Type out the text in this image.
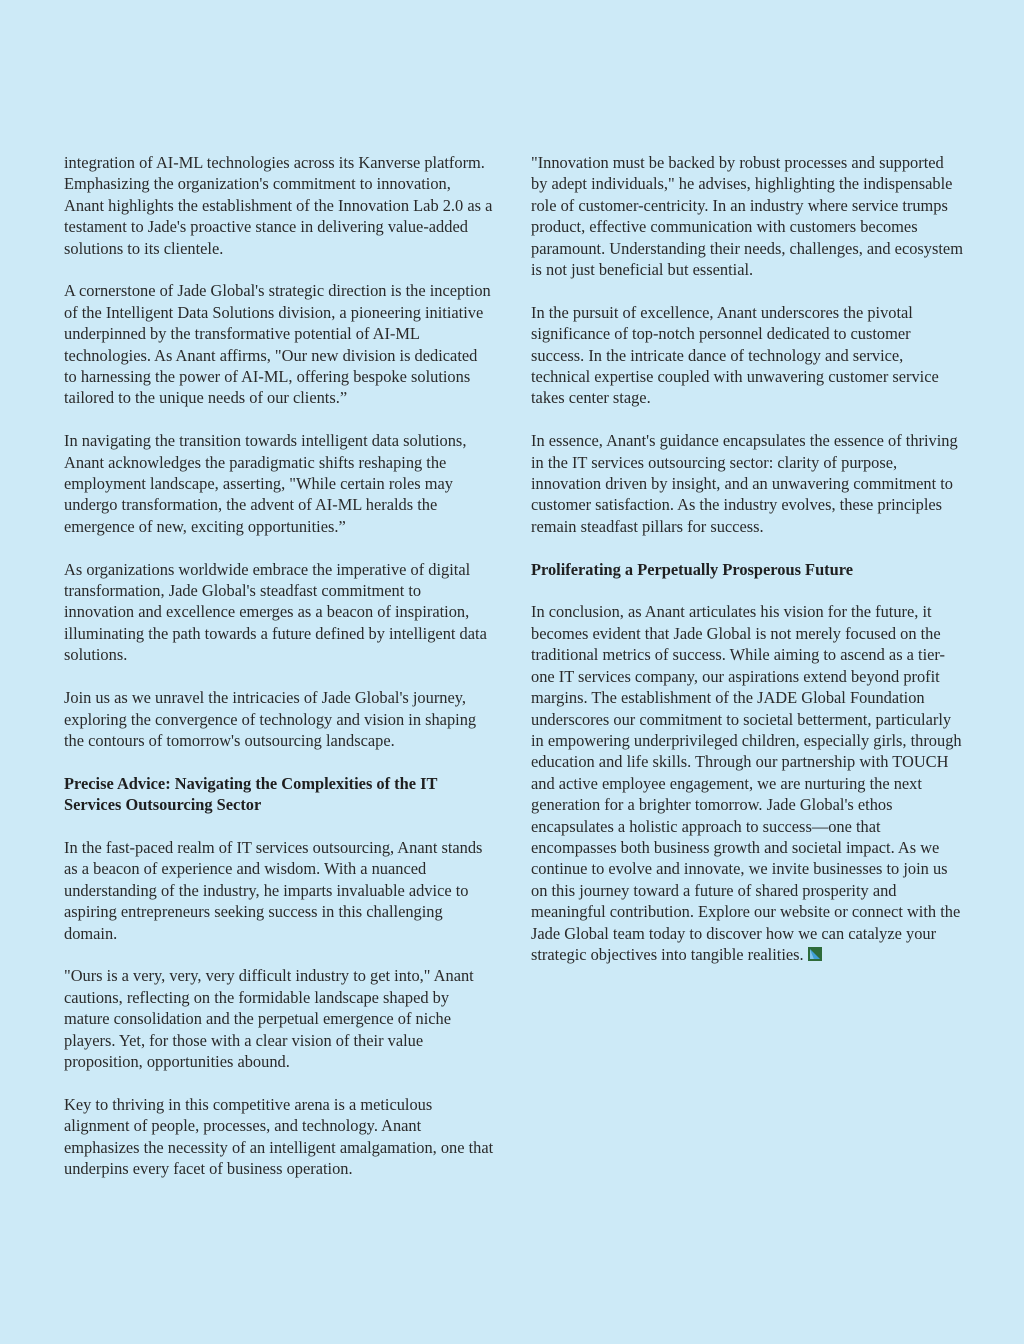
integration of AI-ML technologies across its Kanverse platform. Emphasizing the organization's commitment to innovation, Anant highlights the establishment of the Innovation Lab 2.0 as a testament to Jade's proactive stance in delivering value-added solutions to its clientele.

A cornerstone of Jade Global's strategic direction is the inception of the Intelligent Data Solutions division, a pioneering initiative underpinned by the transformative potential of AI-ML technologies. As Anant affirms, "Our new division is dedicated to harnessing the power of AI-ML, offering bespoke solutions tailored to the unique needs of our clients.”

In navigating the transition towards intelligent data solutions, Anant acknowledges the paradigmatic shifts reshaping the employment landscape, asserting, "While certain roles may undergo transformation, the advent of AI-ML heralds the emergence of new, exciting opportunities.”

As organizations worldwide embrace the imperative of digital transformation, Jade Global's steadfast commitment to innovation and excellence emerges as a beacon of inspiration, illuminating the path towards a future defined by intelligent data solutions.

Join us as we unravel the intricacies of Jade Global's journey, exploring the convergence of technology and vision in shaping the contours of tomorrow's outsourcing landscape.

Precise Advice: Navigating the Complexities of the IT Services Outsourcing Sector

In the fast-paced realm of IT services outsourcing, Anant stands as a beacon of experience and wisdom. With a nuanced understanding of the industry, he imparts invaluable advice to aspiring entrepreneurs seeking success in this challenging domain.

"Ours is a very, very, very difficult industry to get into," Anant cautions, reflecting on the formidable landscape shaped by mature consolidation and the perpetual emergence of niche players. Yet, for those with a clear vision of their value proposition, opportunities abound.

Key to thriving in this competitive arena is a meticulous alignment of people, processes, and technology. Anant emphasizes the necessity of an intelligent amalgamation, one that underpins every facet of business operation.

"Innovation must be backed by robust processes and supported by adept individuals," he advises, highlighting the indispensable role of customer-centricity. In an industry where service trumps product, effective communication with customers becomes paramount. Understanding their needs, challenges, and ecosystem is not just beneficial but essential.

In the pursuit of excellence, Anant underscores the pivotal significance of top-notch personnel dedicated to customer success. In the intricate dance of technology and service, technical expertise coupled with unwavering customer service takes center stage.

In essence, Anant's guidance encapsulates the essence of thriving in the IT services outsourcing sector: clarity of purpose, innovation driven by insight, and an unwavering commitment to customer satisfaction. As the industry evolves, these principles remain steadfast pillars for success.

Proliferating a Perpetually Prosperous Future

In conclusion, as Anant articulates his vision for the future, it becomes evident that Jade Global is not merely focused on the traditional metrics of success. While aiming to ascend as a tier-one IT services company, our aspirations extend beyond profit margins. The establishment of the JADE Global Foundation underscores our commitment to societal betterment, particularly in empowering underprivileged children, especially girls, through education and life skills. Through our partnership with TOUCH and active employee engagement, we are nurturing the next generation for a brighter tomorrow. Jade Global's ethos encapsulates a holistic approach to success—one that encompasses both business growth and societal impact. As we continue to evolve and innovate, we invite businesses to join us on this journey toward a future of shared prosperity and meaningful contribution. Explore our website or connect with the Jade Global team today to discover how we can catalyze your strategic objectives into tangible realities.
